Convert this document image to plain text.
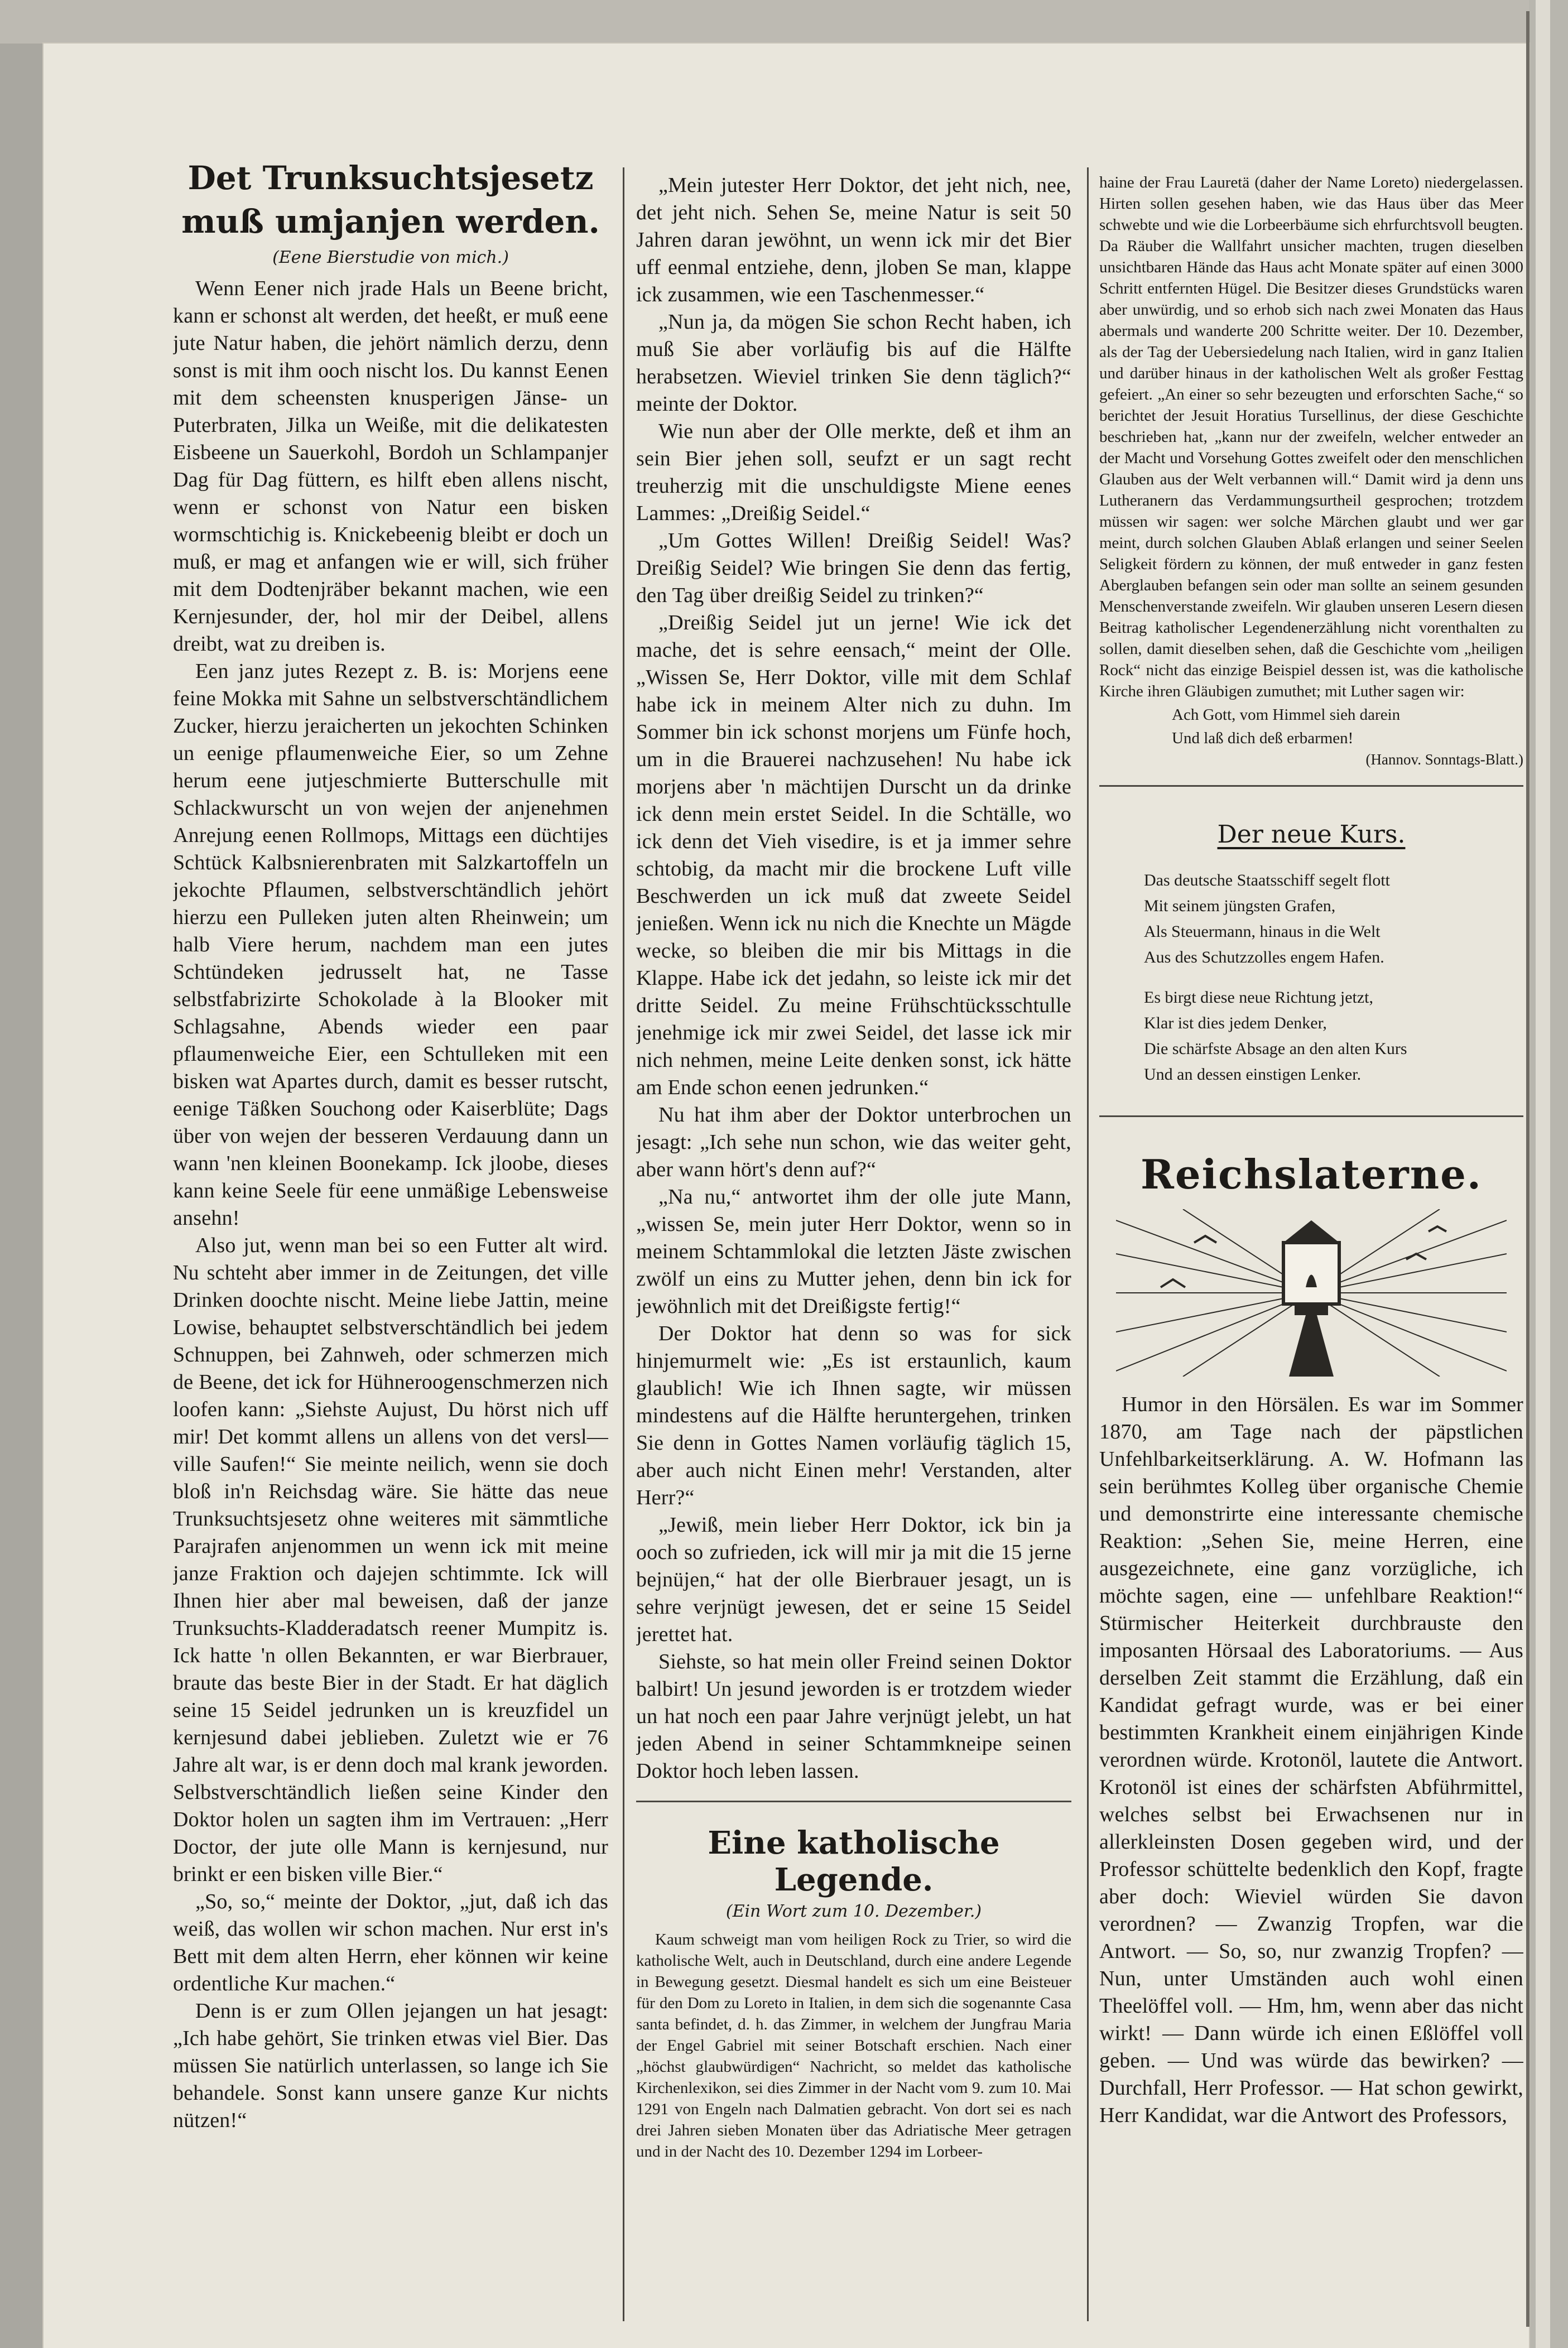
Det Trunksuchtsjesetz muß umjanjen werden.
(Eene Bierstudie von mich.)

Wenn Eener nich jrade Hals un Beene bricht, kann er schonst alt werden, det heeßt, er muß eene jute Natur haben, die jehört nämlich derzu, denn sonst is mit ihm ooch nischt los. Du kannst Eenen mit dem scheensten knusperigen Jänse- un Puterbraten, Jilka un Weiße, mit die delikatesten Eisbeene un Sauerkohl, Bordoh un Schlampanjer Dag für Dag füttern, es hilft eben allens nischt, wenn er schonst von Natur een bisken wormschtichig is. Knickebeenig bleibt er doch un muß, er mag et anfangen wie er will, sich früher mit dem Dodtenjräber bekannt machen, wie een Kernjesunder, der, hol mir der Deibel, allens dreibt, wat zu dreiben is.

Een janz jutes Rezept z. B. is: Morjens eene feine Mokka mit Sahne un selbstverschtändlichem Zucker, hierzu jeraicherten un jekochten Schinken un eenige pflaumenweiche Eier, so um Zehne herum eene jutjeschmierte Butterschulle mit Schlackwurscht un von wejen der anjenehmen Anrejung eenen Rollmops, Mittags een düchtijes Schtück Kalbsnierenbraten mit Salzkartoffeln un jekochte Pflaumen, selbstverschtändlich jehört hierzu een Pulleken juten alten Rheinwein; um halb Viere herum, nachdem man een jutes Schtündeken jedrusselt hat, ne Tasse selbstfabrizirte Schokolade à la Blooker mit Schlagsahne, Abends wieder een paar pflaumenweiche Eier, een Schtulleken mit een bisken wat Apartes durch, damit es besser rutscht, eenige Täßken Souchong oder Kaiserblüte; Dags über von wejen der besseren Verdauung dann un wann 'nen kleinen Boonekamp. Ick jloobe, dieses kann keine Seele für eene unmäßige Lebensweise ansehn!

Also jut, wenn man bei so een Futter alt wird. Nu schteht aber immer in de Zeitungen, det ville Drinken doochte nischt. Meine liebe Jattin, meine Lowise, behauptet selbstverschtändlich bei jedem Schnuppen, bei Zahnweh, oder schmerzen mich de Beene, det ick for Hühneroogenschmerzen nich loofen kann: „Siehste Aujust, Du hörst nich uff mir! Det kommt allens un allens von det versl— ville Saufen!“ Sie meinte neilich, wenn sie doch bloß in'n Reichsdag wäre. Sie hätte das neue Trunksuchtsjesetz ohne weiteres mit sämmtliche Parajrafen anjenommen un wenn ick mit meine janze Fraktion och dajejen schtimmte. Ick will Ihnen hier aber mal beweisen, daß der janze Trunksuchts-Kladderadatsch reener Mumpitz is. Ick hatte 'n ollen Bekannten, er war Bierbrauer, braute das beste Bier in der Stadt. Er hat däglich seine 15 Seidel jedrunken un is kreuzfidel un kernjesund dabei jeblieben. Zuletzt wie er 76 Jahre alt war, is er denn doch mal krank jeworden. Selbstverschtändlich ließen seine Kinder den Doktor holen un sagten ihm im Vertrauen: „Herr Doctor, der jute olle Mann is kernjesund, nur brinkt er een bisken ville Bier.“

„So, so,“ meinte der Doktor, „jut, daß ich das weiß, das wollen wir schon machen. Nur erst in's Bett mit dem alten Herrn, eher können wir keine ordentliche Kur machen.“

Denn is er zum Ollen jejangen un hat jesagt: „Ich habe gehört, Sie trinken etwas viel Bier. Das müssen Sie natürlich unterlassen, so lange ich Sie behandele. Sonst kann unsere ganze Kur nichts nützen!“

„Mein jutester Herr Doktor, det jeht nich, nee, det jeht nich. Sehen Se, meine Natur is seit 50 Jahren daran jewöhnt, un wenn ick mir det Bier uff eenmal entziehe, denn, jloben Se man, klappe ick zusammen, wie een Taschenmesser.“

„Nun ja, da mögen Sie schon Recht haben, ich muß Sie aber vorläufig bis auf die Hälfte herabsetzen. Wieviel trinken Sie denn täglich?“ meinte der Doktor.

Wie nun aber der Olle merkte, deß et ihm an sein Bier jehen soll, seufzt er un sagt recht treuherzig mit die unschuldigste Miene eenes Lammes: „Dreißig Seidel.“

„Um Gottes Willen! Dreißig Seidel! Was? Dreißig Seidel? Wie bringen Sie denn das fertig, den Tag über dreißig Seidel zu trinken?“

„Dreißig Seidel jut un jerne! Wie ick det mache, det is sehre eensach,“ meint der Olle. „Wissen Se, Herr Doktor, ville mit dem Schlaf habe ick in meinem Alter nich zu duhn. Im Sommer bin ick schonst morjens um Fünfe hoch, um in die Brauerei nachzusehen! Nu habe ick morjens aber 'n mächtijen Durscht un da drinke ick denn mein erstet Seidel. In die Schtälle, wo ick denn det Vieh visedire, is et ja immer sehre schtobig, da macht mir die brockene Luft ville Beschwerden un ick muß dat zweete Seidel jenießen. Wenn ick nu nich die Knechte un Mägde wecke, so bleiben die mir bis Mittags in die Klappe. Habe ick det jedahn, so leiste ick mir det dritte Seidel. Zu meine Frühschtücksschtulle jenehmige ick mir zwei Seidel, det lasse ick mir nich nehmen, meine Leite denken sonst, ick hätte am Ende schon eenen jedrunken.“

Nu hat ihm aber der Doktor unterbrochen un jesagt: „Ich sehe nun schon, wie das weiter geht, aber wann hört's denn auf?“

„Na nu,“ antwortet ihm der olle jute Mann, „wissen Se, mein juter Herr Doktor, wenn so in meinem Schtammlokal die letzten Jäste zwischen zwölf un eins zu Mutter jehen, denn bin ick for jewöhnlich mit det Dreißigste fertig!“

Der Doktor hat denn so was for sick hinjemurmelt wie: „Es ist erstaunlich, kaum glaublich! Wie ich Ihnen sagte, wir müssen mindestens auf die Hälfte heruntergehen, trinken Sie denn in Gottes Namen vorläufig täglich 15, aber auch nicht Einen mehr! Verstanden, alter Herr?“

„Jewiß, mein lieber Herr Doktor, ick bin ja ooch so zufrieden, ick will mir ja mit die 15 jerne bejnüjen,“ hat der olle Bierbrauer jesagt, un is sehre verjnügt jewesen, det er seine 15 Seidel jerettet hat.

Siehste, so hat mein oller Freind seinen Doktor balbirt! Un jesund jeworden is er trotzdem wieder un hat noch een paar Jahre verjnügt jelebt, un hat jeden Abend in seiner Schtammkneipe seinen Doktor hoch leben lassen.

Eine katholische Legende.
(Ein Wort zum 10. Dezember.)

Kaum schweigt man vom heiligen Rock zu Trier, so wird die katholische Welt, auch in Deutschland, durch eine andere Legende in Bewegung gesetzt. Diesmal handelt es sich um eine Beisteuer für den Dom zu Loreto in Italien, in dem sich die sogenannte Casa santa befindet, d. h. das Zimmer, in welchem der Jungfrau Maria der Engel Gabriel mit seiner Botschaft erschien. Nach einer „höchst glaubwürdigen“ Nachricht, so meldet das katholische Kirchenlexikon, sei dies Zimmer in der Nacht vom 9. zum 10. Mai 1291 von Engeln nach Dalmatien gebracht. Von dort sei es nach drei Jahren sieben Monaten über das Adriatische Meer getragen und in der Nacht des 10. Dezember 1294 im Lorbeer-

haine der Frau Lauretä (daher der Name Loreto) niedergelassen. Hirten sollen gesehen haben, wie das Haus über das Meer schwebte und wie die Lorbeerbäume sich ehrfurchtsvoll beugten. Da Räuber die Wallfahrt unsicher machten, trugen dieselben unsichtbaren Hände das Haus acht Monate später auf einen 3000 Schritt entfernten Hügel. Die Besitzer dieses Grundstücks waren aber unwürdig, und so erhob sich nach zwei Monaten das Haus abermals und wanderte 200 Schritte weiter. Der 10. Dezember, als der Tag der Uebersiedelung nach Italien, wird in ganz Italien und darüber hinaus in der katholischen Welt als großer Festtag gefeiert. „An einer so sehr bezeugten und erforschten Sache,“ so berichtet der Jesuit Horatius Tursellinus, der diese Geschichte beschrieben hat, „kann nur der zweifeln, welcher entweder an der Macht und Vorsehung Gottes zweifelt oder den menschlichen Glauben aus der Welt verbannen will.“ Damit wird ja denn uns Lutheranern das Verdammungsurtheil gesprochen; trotzdem müssen wir sagen: wer solche Märchen glaubt und wer gar meint, durch solchen Glauben Ablaß erlangen und seiner Seelen Seligkeit fördern zu können, der muß entweder in ganz festen Aberglauben befangen sein oder man sollte an seinem gesunden Menschenverstande zweifeln. Wir glauben unseren Lesern diesen Beitrag katholischer Legendenerzählung nicht vorenthalten zu sollen, damit dieselben sehen, daß die Geschichte vom „heiligen Rock“ nicht das einzige Beispiel dessen ist, was die katholische Kirche ihren Gläubigen zumuthet; mit Luther sagen wir:

Ach Gott, vom Himmel sieh darein
Und laß dich deß erbarmen!
(Hannov. Sonntags-Blatt.)
Der neue Kurs.
Das deutsche Staatsschiff segelt flott
Mit seinem jüngsten Grafen,
Als Steuermann, hinaus in die Welt
Aus des Schutzzolles engem Hafen.
Es birgt diese neue Richtung jetzt,
Klar ist dies jedem Denker,
Die schärfste Absage an den alten Kurs
Und an dessen einstigen Lenker.
Reichslaterne.

Humor in den Hörsälen. Es war im Sommer 1870, am Tage nach der päpstlichen Unfehlbarkeitserklärung. A. W. Hofmann las sein berühmtes Kolleg über organische Chemie und demonstrirte eine interessante chemische Reaktion: „Sehen Sie, meine Herren, eine ausgezeichnete, eine ganz vorzügliche, ich möchte sagen, eine — unfehlbare Reaktion!“ Stürmischer Heiterkeit durchbrauste den imposanten Hörsaal des Laboratoriums. — Aus derselben Zeit stammt die Erzählung, daß ein Kandidat gefragt wurde, was er bei einer bestimmten Krankheit einem einjährigen Kinde verordnen würde. Krotonöl, lautete die Antwort. Krotonöl ist eines der schärfsten Abführmittel, welches selbst bei Erwachsenen nur in allerkleinsten Dosen gegeben wird, und der Professor schüttelte bedenklich den Kopf, fragte aber doch: Wieviel würden Sie davon verordnen? — Zwanzig Tropfen, war die Antwort. — So, so, nur zwanzig Tropfen? — Nun, unter Umständen auch wohl einen Theelöffel voll. — Hm, hm, wenn aber das nicht wirkt! — Dann würde ich einen Eßlöffel voll geben. — Und was würde das bewirken? — Durchfall, Herr Professor. — Hat schon gewirkt, Herr Kandidat, war die Antwort des Professors,
